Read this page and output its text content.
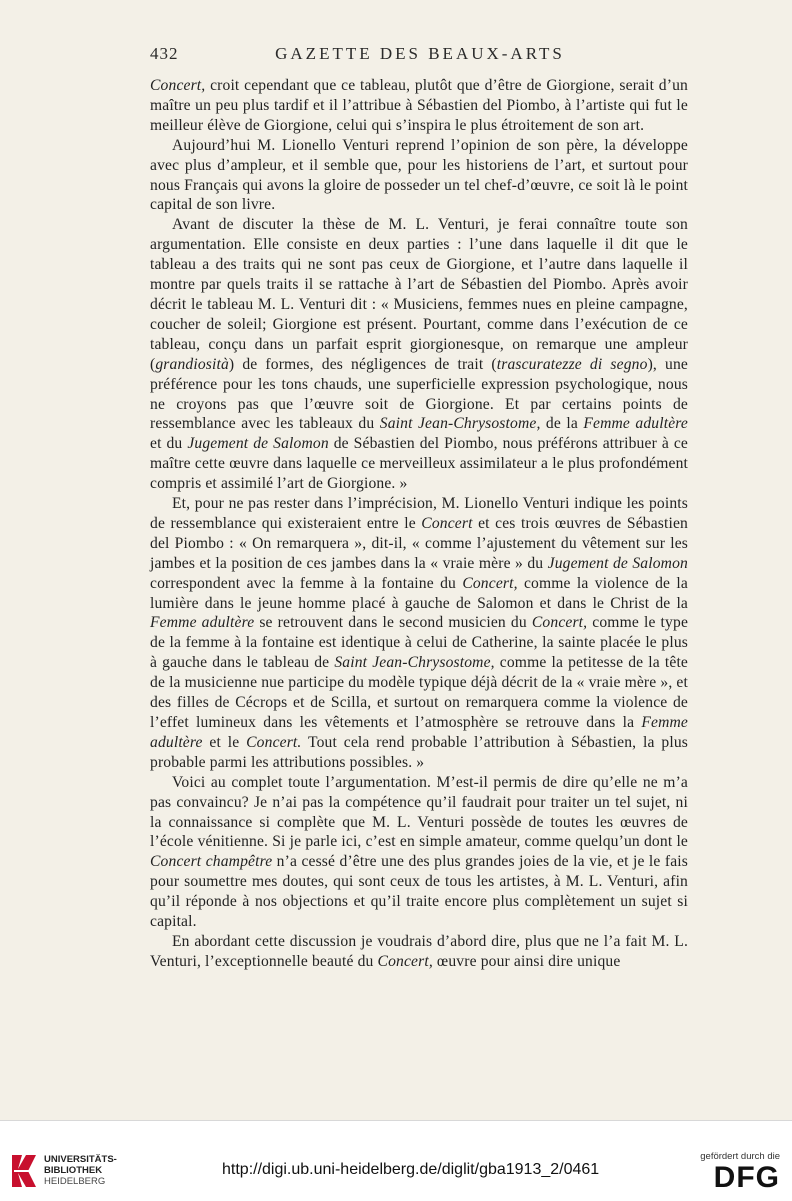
432	GAZETTE DES BEAUX-ARTS

Concert, croit cependant que ce tableau, plutôt que d’être de Giorgione, serait d’un maître un peu plus tardif et il l’attribue à Sébastien del Piombo, à l’artiste qui fut le meilleur élève de Giorgione, celui qui s’inspira le plus étroitement de son art.

Aujourd’hui M. Lionello Venturi reprend l’opinion de son père, la développe avec plus d’ampleur, et il semble que, pour les historiens de l’art, et surtout pour nous Français qui avons la gloire de posseder un tel chef-d’œuvre, ce soit là le point capital de son livre.

Avant de discuter la thèse de M. L. Venturi, je ferai connaître toute son argumentation. Elle consiste en deux parties : l’une dans laquelle il dit que le tableau a des traits qui ne sont pas ceux de Giorgione, et l’autre dans laquelle il montre par quels traits il se rattache à l’art de Sébastien del Piombo. Après avoir décrit le tableau M. L. Venturi dit : « Musiciens, femmes nues en pleine campagne, coucher de soleil; Giorgione est présent. Pourtant, comme dans l’exécution de ce tableau, conçu dans un parfait esprit giorgionesque, on remarque une ampleur (grandiosità) de formes, des négligences de trait (trascuratezze di segno), une préférence pour les tons chauds, une superficielle expression psychologique, nous ne croyons pas que l’œuvre soit de Giorgione. Et par certains points de ressemblance avec les tableaux du Saint Jean-Chrysostome, de la Femme adultère et du Jugement de Salomon de Sébastien del Piombo, nous préférons attribuer à ce maître cette œuvre dans laquelle ce merveilleux assimilateur a le plus profondément compris et assimilé l’art de Giorgione. »

Et, pour ne pas rester dans l’imprécision, M. Lionello Venturi indique les points de ressemblance qui existeraient entre le Concert et ces trois œuvres de Sébastien del Piombo : « On remarquera », dit-il, « comme l’ajustement du vêtement sur les jambes et la position de ces jambes dans la « vraie mère » du Jugement de Salomon correspondent avec la femme à la fontaine du Concert, comme la violence de la lumière dans le jeune homme placé à gauche de Salomon et dans le Christ de la Femme adultère se retrouvent dans le second musicien du Concert, comme le type de la femme à la fontaine est identique à celui de Catherine, la sainte placée le plus à gauche dans le tableau de Saint Jean-Chrysostome, comme la petitesse de la tête de la musicienne nue participe du modèle typique déjà décrit de la « vraie mère », et des filles de Cécrops et de Scilla, et surtout on remarquera comme la violence de l’effet lumineux dans les vêtements et l’atmosphère se retrouve dans la Femme adultère et le Concert. Tout cela rend probable l’attribution à Sébastien, la plus probable parmi les attributions possibles. »

Voici au complet toute l’argumentation. M’est-il permis de dire qu’elle ne m’a pas convaincu? Je n’ai pas la compétence qu’il faudrait pour traiter un tel sujet, ni la connaissance si complète que M. L. Venturi possède de toutes les œuvres de l’école vénitienne. Si je parle ici, c’est en simple amateur, comme quelqu’un dont le Concert champêtre n’a cessé d’être une des plus grandes joies de la vie, et je le fais pour soumettre mes doutes, qui sont ceux de tous les artistes, à M. L. Venturi, afin qu’il réponde à nos objections et qu’il traite encore plus complètement un sujet si capital.

En abordant cette discussion je voudrais d’abord dire, plus que ne l’a fait M. L. Venturi, l’exceptionnelle beauté du Concert, œuvre pour ainsi dire unique

UNIVERSITÄTS-
BIBLIOTHEK
HEIDELBERG
http://digi.ub.uni-heidelberg.de/diglit/gba1913_2/0461
gefördert durch die
DFG
